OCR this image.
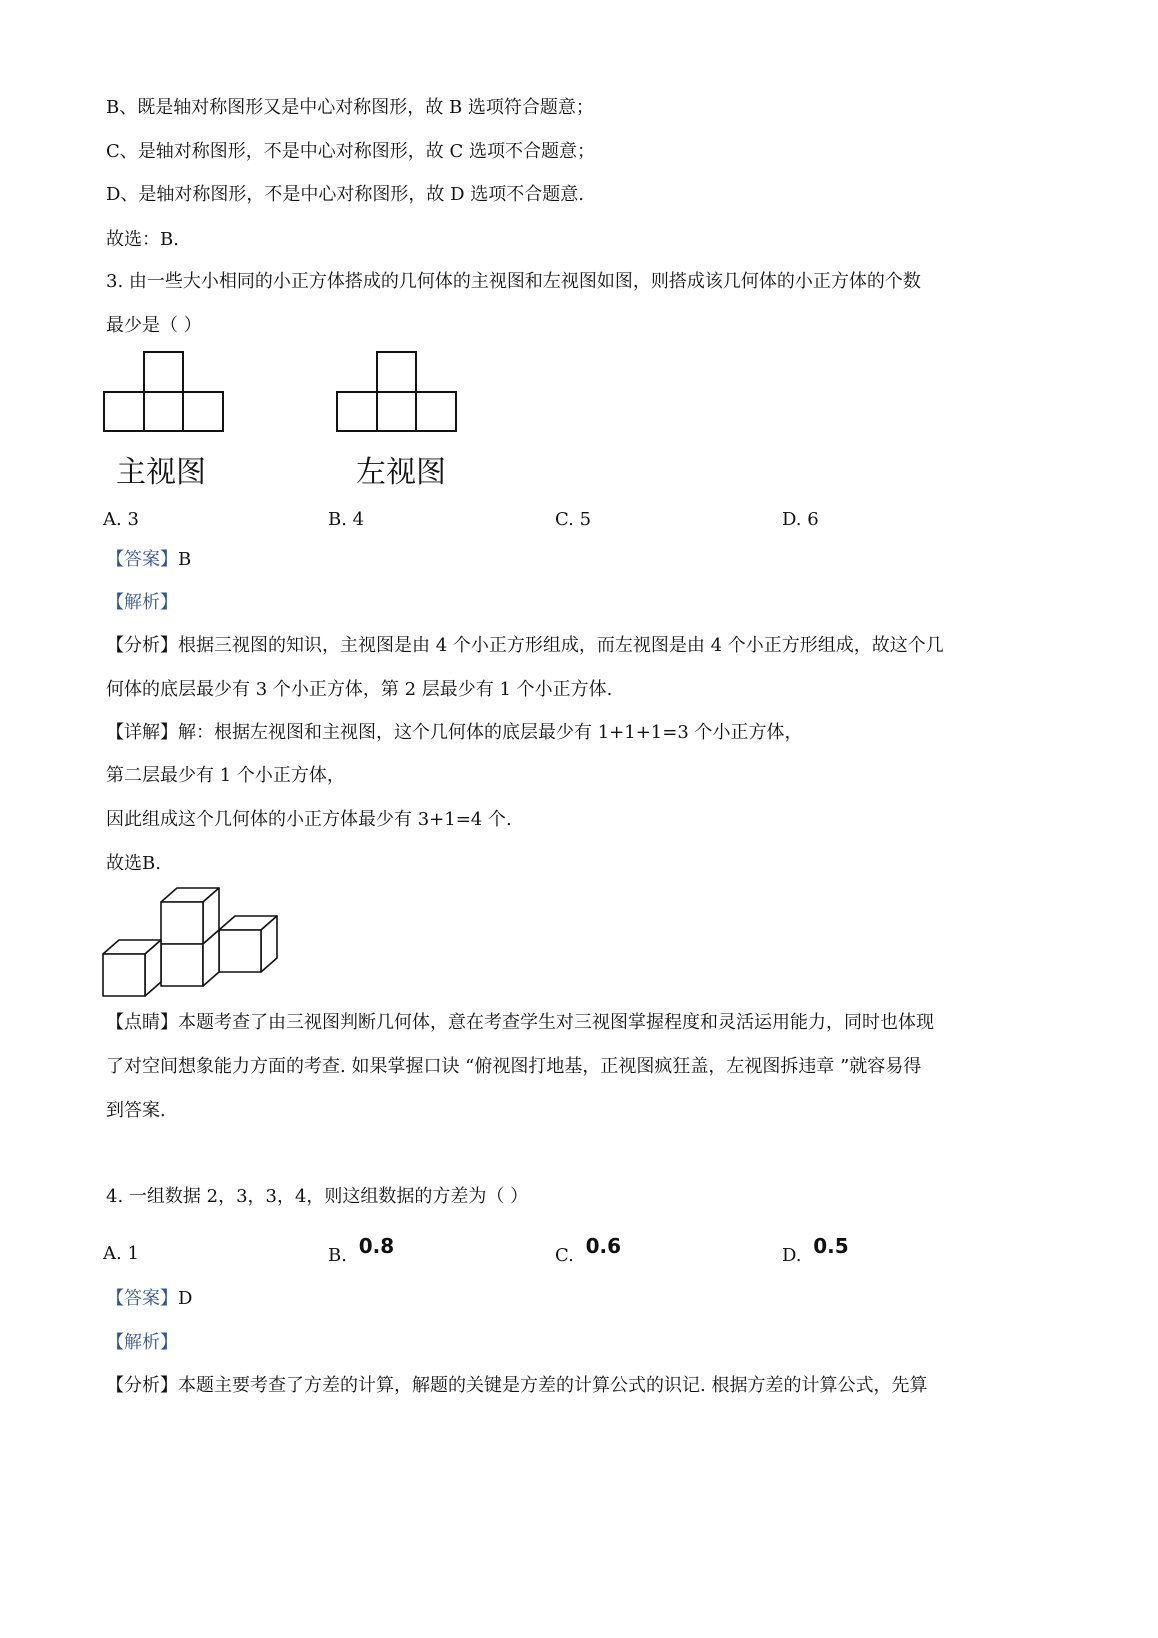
B、既是轴对称图形又是中心对称图形，故 B 选项符合题意；
C、是轴对称图形，不是中心对称图形，故 C 选项不合题意；
D、是轴对称图形，不是中心对称图形，故 D 选项不合题意.
故选：B.
3. 由一些大小相同的小正方体搭成的几何体的主视图和左视图如图，则搭成该几何体的小正方体的个数
最少是（ ）
主视图	左视图
A. 3	B. 4	C. 5	D. 6
【答案】B
【解析】
【分析】根据三视图的知识，主视图是由 4 个小正方形组成，而左视图是由 4 个小正方形组成，故这个几
何体的底层最少有 3 个小正方体，第 2 层最少有 1 个小正方体.
【详解】解：根据左视图和主视图，这个几何体的底层最少有 1+1+1=3 个小正方体，
第二层最少有 1 个小正方体，
因此组成这个几何体的小正方体最少有 3+1=4 个.
故选B.
【点睛】本题考查了由三视图判断几何体，意在考查学生对三视图掌握程度和灵活运用能力，同时也体现
了对空间想象能力方面的考查. 如果掌握口诀 “俯视图打地基，正视图疯狂盖，左视图拆违章 ”就容易得
到答案.
4. 一组数据 2，3，3，4，则这组数据的方差为（ ）
A. 1	B. 0.8	C. 0.6	D. 0.5
【答案】D
【解析】
【分析】本题主要考查了方差的计算，解题的关键是方差的计算公式的识记. 根据方差的计算公式，先算
